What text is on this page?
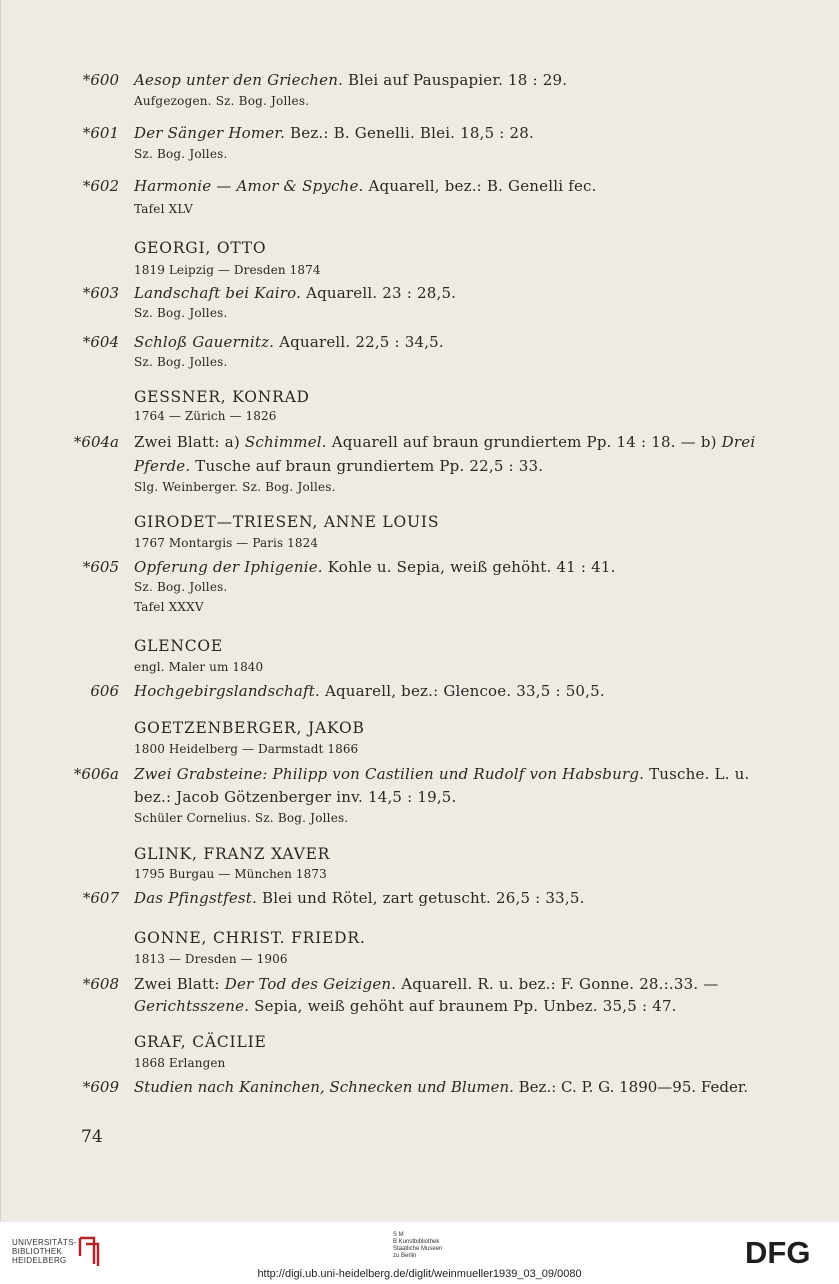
*600 Aesop unter den Griechen. Blei auf Pauspapier. 18 : 29.
Aufgezogen. Sz. Bog. Jolles.
*601 Der Sänger Homer. Bez.: B. Genelli. Blei. 18,5 : 28.
Sz. Bog. Jolles.
*602 Harmonie — Amor & Spyche. Aquarell, bez.: B. Genelli fec.
Tafel XLV
GEORGI, OTTO
1819 Leipzig — Dresden 1874
*603 Landschaft bei Kairo. Aquarell. 23 : 28,5.
Sz. Bog. Jolles.
*604 Schloß Gauernitz. Aquarell. 22,5 : 34,5.
Sz. Bog. Jolles.
GESSNER, KONRAD
1764 — Zürich — 1826
*604a Zwei Blatt: a) Schimmel. Aquarell auf braun grundiertem Pp. 14 : 18. — b) Drei
Pferde. Tusche auf braun grundiertem Pp. 22,5 : 33.
Slg. Weinberger. Sz. Bog. Jolles.
GIRODET—TRIESEN, ANNE LOUIS
1767 Montargis — Paris 1824
*605 Opferung der Iphigenie. Kohle u. Sepia, weiß gehöht. 41 : 41.
Sz. Bog. Jolles.
Tafel XXXV
GLENCOE
engl. Maler um 1840
606 Hochgebirgslandschaft. Aquarell, bez.: Glencoe. 33,5 : 50,5.
GOETZENBERGER, JAKOB
1800 Heidelberg — Darmstadt 1866
*606a Zwei Grabsteine: Philipp von Castilien und Rudolf von Habsburg. Tusche. L. u.
bez.: Jacob Götzenberger inv. 14,5 : 19,5.
Schüler Cornelius. Sz. Bog. Jolles.
GLINK, FRANZ XAVER
1795 Burgau — München 1873
*607 Das Pfingstfest. Blei und Rötel, zart getuscht. 26,5 : 33,5.
GONNE, CHRIST. FRIEDR.
1813 — Dresden — 1906
*608 Zwei Blatt: Der Tod des Geizigen. Aquarell. R. u. bez.: F. Gonne. 28.:.33. —
Gerichtsszene. Sepia, weiß gehöht auf braunem Pp. Unbez. 35,5 : 47.
GRAF, CÄCILIE
1868 Erlangen
*609 Studien nach Kaninchen, Schnecken und Blumen. Bez.: C. P. G. 1890—95. Feder.
74
UNIVERSITÄTS-
BIBLIOTHEK
HEIDELBERG
S M
B Kunstbibliothek
Staatliche Museen
zu Berlin	DFG
http://digi.ub.uni-heidelberg.de/diglit/weinmueller1939_03_09/0080
